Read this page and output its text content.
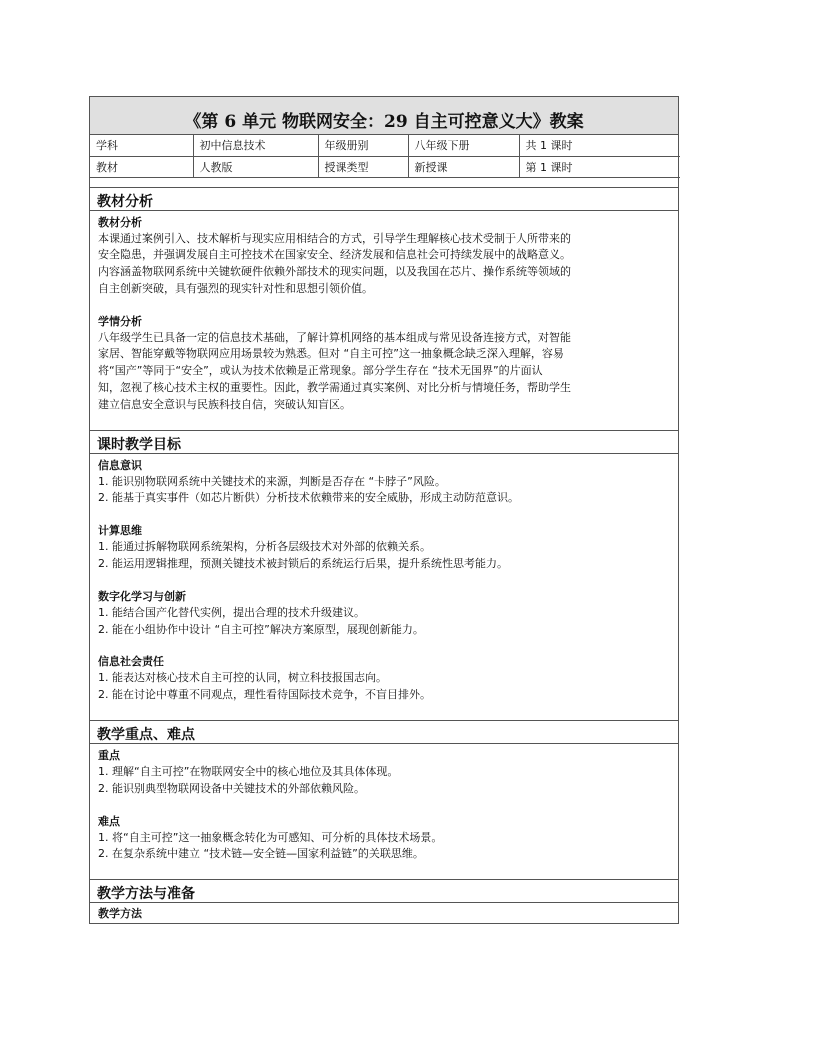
《第 6 单元 物联网安全：29 自主可控意义大》教案
学科	初中信息技术	年级册别	八年级下册	共 1 课时
教材	人教版	授课类型	新授课	第 1 课时
教材分析

教材分析

本课通过案例引入、技术解析与现实应用相结合的方式，引导学生理解核心技术受制于人所带来的

安全隐患，并强调发展自主可控技术在国家安全、经济发展和信息社会可持续发展中的战略意义。

内容涵盖物联网系统中关键软硬件依赖外部技术的现实问题，以及我国在芯片、操作系统等领域的

自主创新突破，具有强烈的现实针对性和思想引领价值。

学情分析

八年级学生已具备一定的信息技术基础，了解计算机网络的基本组成与常见设备连接方式，对智能

家居、智能穿戴等物联网应用场景较为熟悉。但对 “自主可控”这一抽象概念缺乏深入理解，容易

将“国产”等同于“安全”，或认为技术依赖是正常现象。部分学生存在 “技术无国界”的片面认

知，忽视了核心技术主权的重要性。因此，教学需通过真实案例、对比分析与情境任务，帮助学生

建立信息安全意识与民族科技自信，突破认知盲区。

课时教学目标

信息意识

1. 能识别物联网系统中关键技术的来源，判断是否存在 “卡脖子”风险。

2. 能基于真实事件（如芯片断供）分析技术依赖带来的安全威胁，形成主动防范意识。

计算思维

1. 能通过拆解物联网系统架构，分析各层级技术对外部的依赖关系。

2. 能运用逻辑推理，预测关键技术被封锁后的系统运行后果，提升系统性思考能力。

数字化学习与创新

1. 能结合国产化替代实例，提出合理的技术升级建议。

2. 能在小组协作中设计 “自主可控”解决方案原型，展现创新能力。

信息社会责任

1. 能表达对核心技术自主可控的认同，树立科技报国志向。

2. 能在讨论中尊重不同观点，理性看待国际技术竞争，不盲目排外。

教学重点、难点

重点

1. 理解“自主可控”在物联网安全中的核心地位及其具体体现。

2. 能识别典型物联网设备中关键技术的外部依赖风险。

难点

1. 将“自主可控”这一抽象概念转化为可感知、可分析的具体技术场景。

2. 在复杂系统中建立 “技术链—安全链—国家利益链”的关联思维。

教学方法与准备

教学方法
